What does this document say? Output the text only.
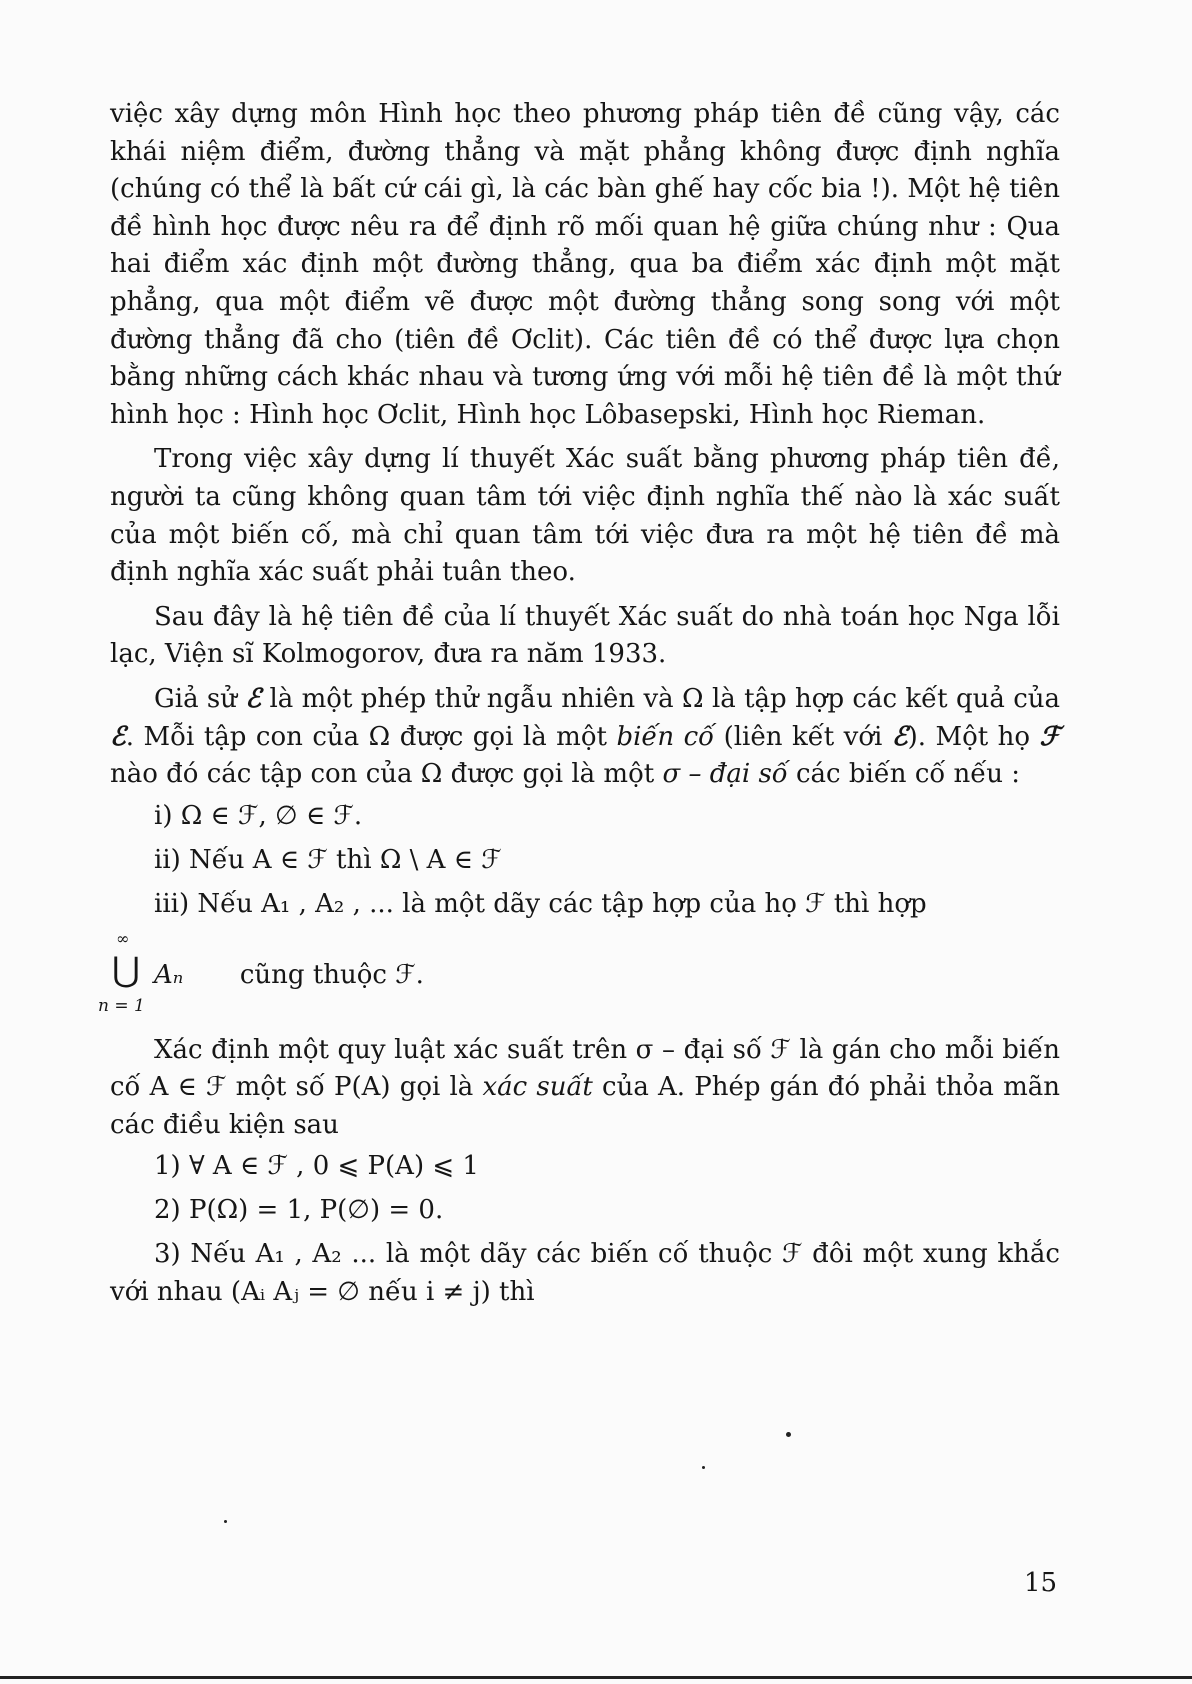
việc xây dựng môn Hình học theo phương pháp tiên đề cũng vậy, các khái niệm điểm, đường thẳng và mặt phẳng không được định nghĩa (chúng có thể là bất cứ cái gì, là các bàn ghế hay cốc bia !). Một hệ tiên đề hình học được nêu ra để định rõ mối quan hệ giữa chúng như : Qua hai điểm xác định một đường thẳng, qua ba điểm xác định một mặt phẳng, qua một điểm vẽ được một đường thẳng song song với một đường thẳng đã cho (tiên đề Ơclit). Các tiên đề có thể được lựa chọn bằng những cách khác nhau và tương ứng với mỗi hệ tiên đề là một thứ hình học : Hình học Ơclit, Hình học Lôbasepski, Hình học Rieman.

Trong việc xây dựng lí thuyết Xác suất bằng phương pháp tiên đề, người ta cũng không quan tâm tới việc định nghĩa thế nào là xác suất của một biến cố, mà chỉ quan tâm tới việc đưa ra một hệ tiên đề mà định nghĩa xác suất phải tuân theo.

Sau đây là hệ tiên đề của lí thuyết Xác suất do nhà toán học Nga lỗi lạc, Viện sĩ Kolmogorov, đưa ra năm 1933.

Giả sử ℰ là một phép thử ngẫu nhiên và Ω là tập hợp các kết quả của ℰ. Mỗi tập con của Ω được gọi là một biến cố (liên kết với ℰ). Một họ ℱ nào đó các tập con của Ω được gọi là một σ – đại số các biến cố nếu :

i) Ω ∈ ℱ, ∅ ∈ ℱ.
ii) Nếu A ∈ ℱ thì Ω \ A ∈ ℱ
iii) Nếu A₁ , A₂ , ... là một dãy các tập hợp của họ ℱ thì hợp
∞
⋃
n = 1
Aₙ cũng thuộc ℱ.

Xác định một quy luật xác suất trên σ – đại số ℱ là gán cho mỗi biến cố A ∈ ℱ một số P(A) gọi là xác suất của A. Phép gán đó phải thỏa mãn các điều kiện sau

1) ∀ A ∈ ℱ , 0 ⩽ P(A) ⩽ 1
2) P(Ω) = 1, P(∅) = 0.

3) Nếu A₁ , A₂ ... là một dãy các biến cố thuộc ℱ đôi một xung khắc với nhau (Aᵢ Aⱼ = ∅ nếu i ≠ j) thì

15
